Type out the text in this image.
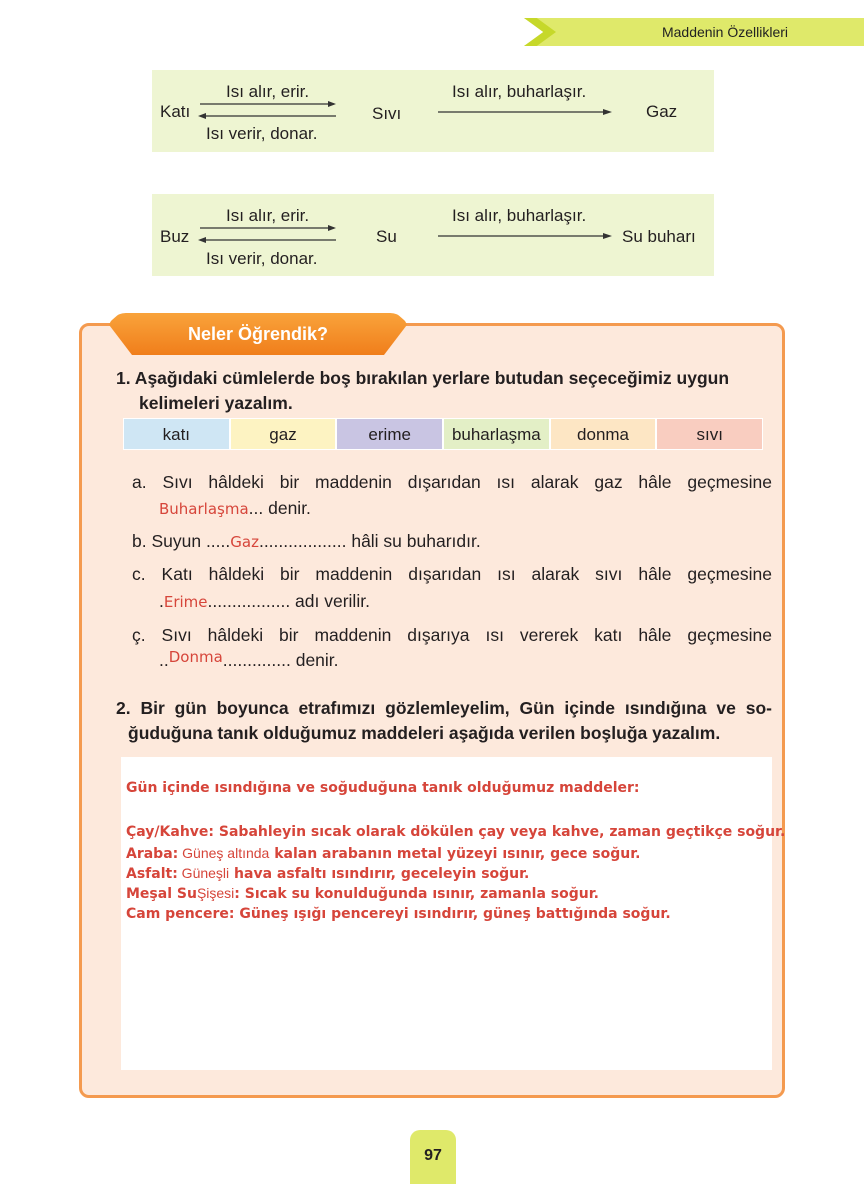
Maddenin Özellikleri
Katı
Isı alır, erir.
Isı verir, donar.
Sıvı
Isı alır, buharlaşır.
Gaz
Buz
Isı alır, erir.
Isı verir, donar.
Su
Isı alır, buharlaşır.
Su buharı
Neler Öğrendik?
1. Aşağıdaki cümlelerde boş bırakılan yerlare butudan seçeceğimiz uygun
kelimeleri yazalım.
katı	gaz	erime	buharlaşma	donma	sıvı
a. Sıvı hâldeki bir maddenin dışarıdan ısı alarak gaz hâle geçmesine
Buharlaşma... denir.
b. Suyun .....Gaz.................. hâli su buharıdır.
c. Katı hâldeki bir maddenin dışarıdan ısı alarak sıvı hâle geçmesine
.Erime................. adı verilir.
ç. Sıvı hâldeki bir maddenin dışarıya ısı vererek katı hâle geçmesine
..Donma.............. denir.
2. Bir gün boyunca etrafımızı gözlemleyelim, Gün içinde ısındığına ve so-
ğuduğuna tanık olduğumuz maddeleri aşağıda verilen boşluğa yazalım.
Gün içinde ısındığına ve soğuduğuna tanık olduğumuz maddeler:
Çay/Kahve: Sabahleyin sıcak olarak dökülen çay veya kahve, zaman geçtikçe soğur.
Araba: Güneş altında kalan arabanın metal yüzeyi ısınır, gece soğur.
Asfalt: Güneşli hava asfaltı ısındırır, geceleyin soğur.
Meşal SuŞişesi: Sıcak su konulduğunda ısınır, zamanla soğur.
Cam pencere: Güneş ışığı pencereyi ısındırır, güneş battığında soğur.
97
